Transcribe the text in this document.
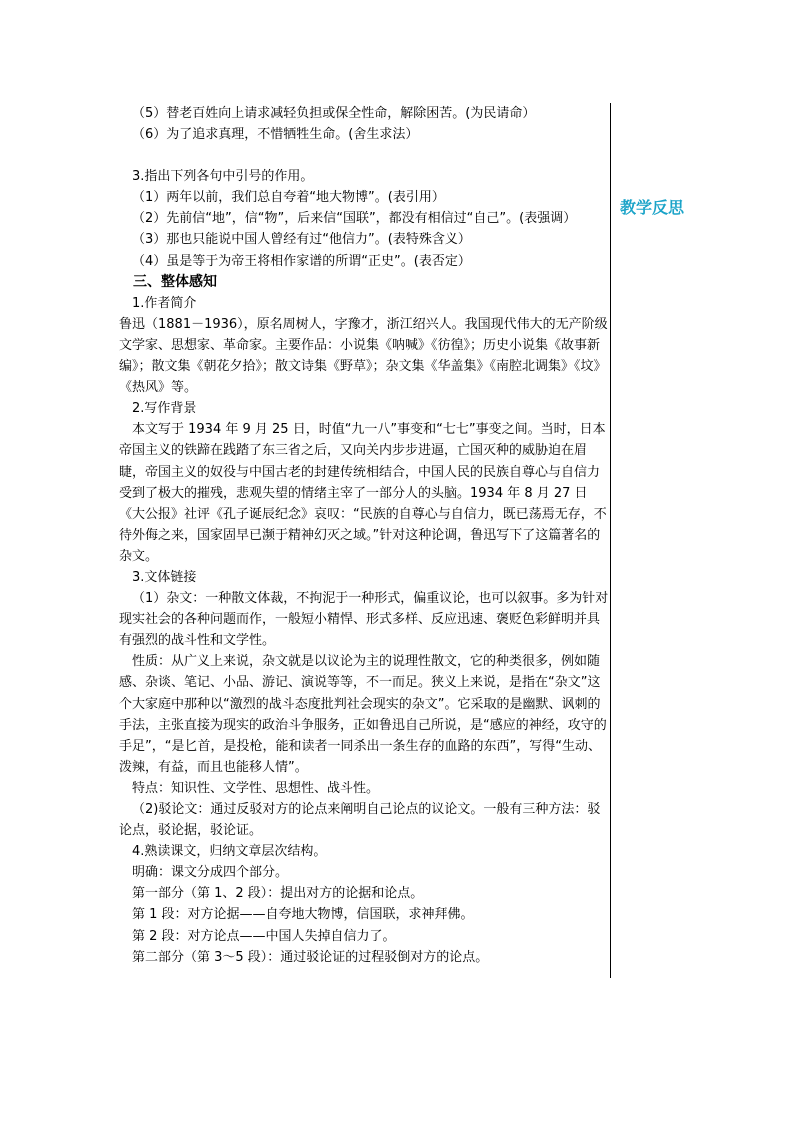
（5）替老百姓向上请求减轻负担或保全性命，解除困苦。(为民请命）

（6）为了追求真理，不惜牺牲生命。(舍生求法）

3.指出下列各句中引号的作用。

（1）两年以前，我们总自夸着“地大物博”。(表引用）

（2）先前信“地”，信“物”，后来信“国联”，都没有相信过“自己”。(表强调）

（3）那也只能说中国人曾经有过“他信力”。(表特殊含义）

（4）虽是等于为帝王将相作家谱的所谓“正史”。(表否定）

三、整体感知

1.作者简介

鲁迅（1881－1936），原名周树人，字豫才，浙江绍兴人。我国现代伟大的无产阶级文学家、思想家、革命家。主要作品：小说集《呐喊》《彷徨》；历史小说集《故事新编》；散文集《朝花夕拾》；散文诗集《野草》；杂文集《华盖集》《南腔北调集》《坟》《热风》等。

2.写作背景

本文写于 1934 年 9 月 25 日，时值“九一八”事变和“七七”事变之间。当时，日本帝国主义的铁蹄在践踏了东三省之后，又向关内步步进逼，亡国灭种的威胁迫在眉睫，帝国主义的奴役与中国古老的封建传统相结合，中国人民的民族自尊心与自信力受到了极大的摧残，悲观失望的情绪主宰了一部分人的头脑。1934 年 8 月 27 日《大公报》社评《孔子诞辰纪念》哀叹：“民族的自尊心与自信力，既已荡焉无存，不待外侮之来，国家固早已濒于精神幻灭之域。”针对这种论调，鲁迅写下了这篇著名的杂文。

3.文体链接

（1）杂文：一种散文体裁，不拘泥于一种形式，偏重议论，也可以叙事。多为针对现实社会的各种问题而作，一般短小精悍、形式多样、反应迅速、褒贬色彩鲜明并具有强烈的战斗性和文学性。

性质：从广义上来说，杂文就是以议论为主的说理性散文，它的种类很多，例如随感、杂谈、笔记、小品、游记、演说等等，不一而足。狭义上来说，是指在“杂文”这个大家庭中那种以“激烈的战斗态度批判社会现实的杂文”。它采取的是幽默、讽刺的手法，主张直接为现实的政治斗争服务，正如鲁迅自己所说，是“感应的神经，攻守的手足”，“是匕首，是投枪，能和读者一同杀出一条生存的血路的东西”，写得“生动、泼辣，有益，而且也能移人情”。

特点：知识性、文学性、思想性、战斗性。

（2)驳论文：通过反驳对方的论点来阐明自己论点的议论文。一般有三种方法：驳论点，驳论据，驳论证。

4.熟读课文，归纳文章层次结构。

明确：课文分成四个部分。

第一部分（第 1、2 段）：提出对方的论据和论点。

第 1 段：对方论据——自夸地大物博，信国联，求神拜佛。

第 2 段：对方论点——中国人失掉自信力了。

第二部分（第 3～5 段）：通过驳论证的过程驳倒对方的论点。

教学反思
